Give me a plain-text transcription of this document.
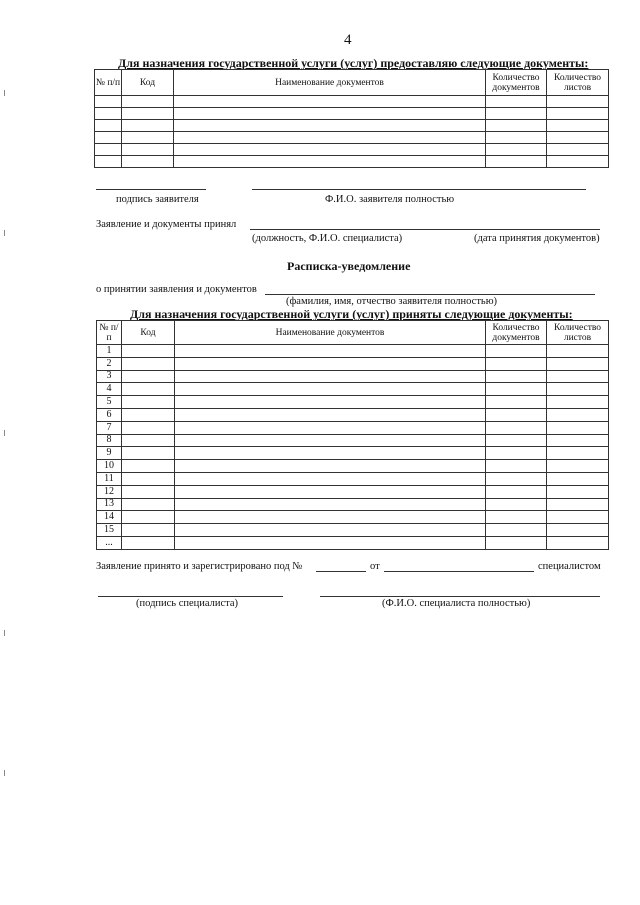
4
Для назначения государственной услуги (услуг) предоставляю следующие документы:
№ п/п	Код	Наименование документов	Количество документов	Количество листов

подпись заявителя	Ф.И.О. заявителя полностью
Заявление и документы принял
(должность, Ф.И.О. специалиста)	(дата принятия документов)
Расписка-уведомление
о принятии заявления и документов
(фамилия, имя, отчество заявителя полностью)
Для назначения государственной услуги (услуг) приняты следующие документы:
№ п/п	Код	Наименование документов	Количество документов	Количество листов
1				
2				
3				
4				
5				
6				
7				
8				
9				
10				
11				
12				
13				
14				
15				
...				
Заявление принято и зарегистрировано под №	от	специалистом
(подпись специалиста)	(Ф.И.О. специалиста полностью)
